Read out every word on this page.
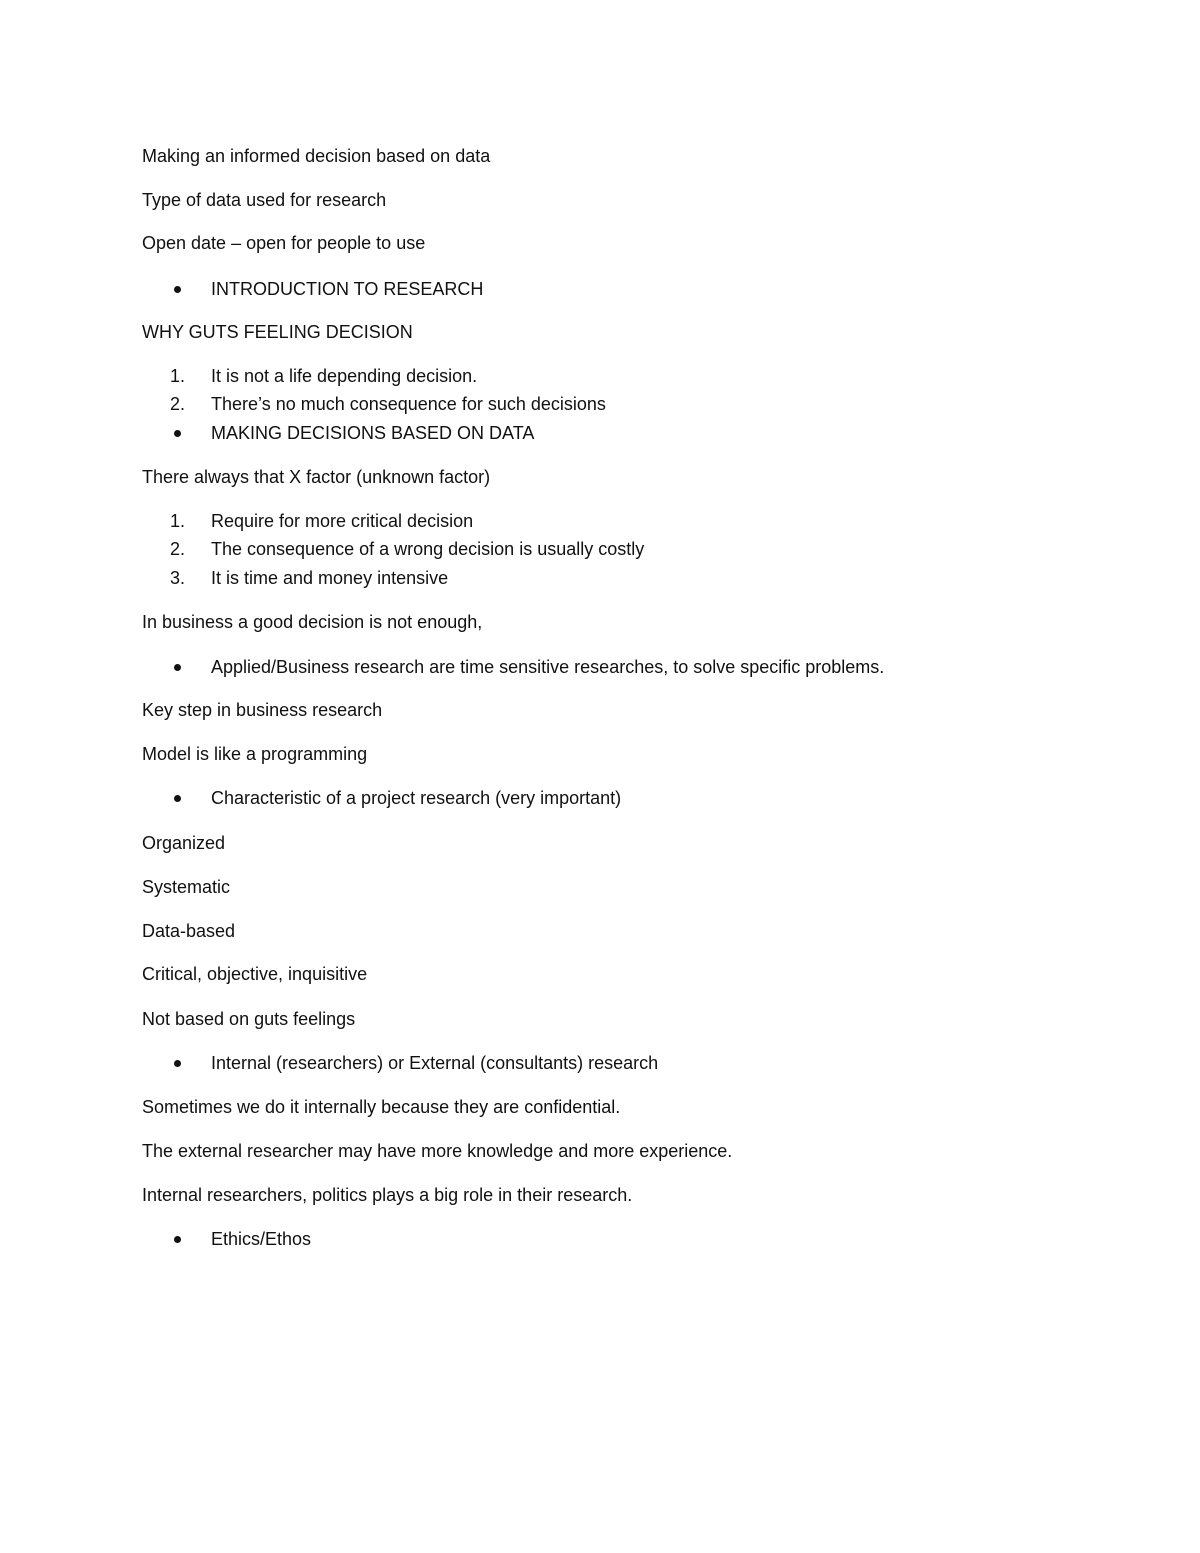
Making an informed decision based on data
Type of data used for research
Open date – open for people to use
INTRODUCTION TO RESEARCH
WHY GUTS FEELING DECISION
1.	It is not a life depending decision.
2.	There’s no much consequence for such decisions
MAKING DECISIONS BASED ON DATA
There always that X factor (unknown factor)
1.	Require for more critical decision
2.	The consequence of a wrong decision is usually costly
3.	It is time and money intensive
In business a good decision is not enough,
Applied/Business research are time sensitive researches, to solve specific problems.
Key step in business research
Model is like a programming
Characteristic of a project research (very important)
Organized
Systematic
Data-based
Critical, objective, inquisitive
Not based on guts feelings
Internal (researchers) or External (consultants) research
Sometimes we do it internally because they are confidential.
The external researcher may have more knowledge and more experience.
Internal researchers, politics plays a big role in their research.
Ethics/Ethos
